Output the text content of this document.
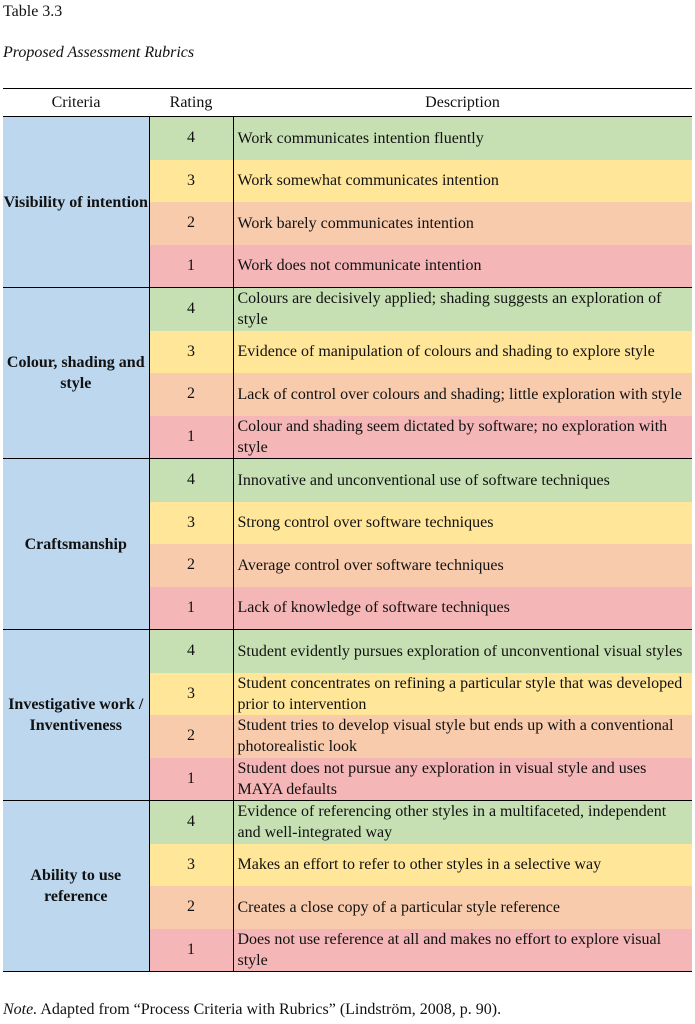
Table 3.3
Proposed Assessment Rubrics
Criteria	Rating	Description
Visibility of intention	4	Work communicates intention fluently
	3	Work somewhat communicates intention
	2	Work barely communicates intention
	1	Work does not communicate intention
Colour, shading and style	4	Colours are decisively applied; shading suggests an exploration of style
	3	Evidence of manipulation of colours and shading to explore style
	2	Lack of control over colours and shading; little exploration with style
	1	Colour and shading seem dictated by software; no exploration with style
Craftsmanship	4	Innovative and unconventional use of software techniques
	3	Strong control over software techniques
	2	Average control over software techniques
	1	Lack of knowledge of software techniques
Investigative work / Inventiveness	4	Student evidently pursues exploration of unconventional visual styles
	3	Student concentrates on refining a particular style that was developed prior to intervention
	2	Student tries to develop visual style but ends up with a conventional photorealistic look
	1	Student does not pursue any exploration in visual style and uses MAYA defaults
Ability to use reference	4	Evidence of referencing other styles in a multifaceted, independent and well-integrated way
	3	Makes an effort to refer to other styles in a selective way
	2	Creates a close copy of a particular style reference
	1	Does not use reference at all and makes no effort to explore visual style
Note. Adapted from “Process Criteria with Rubrics” (Lindström, 2008, p. 90).
